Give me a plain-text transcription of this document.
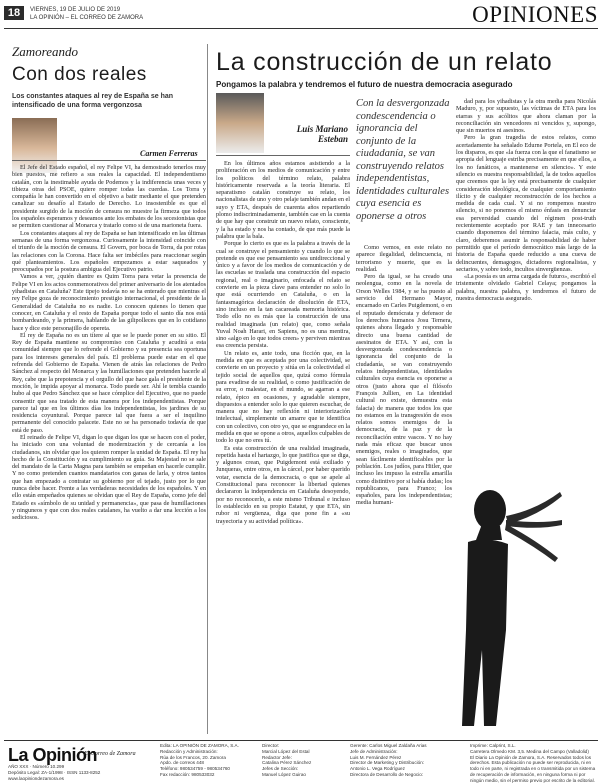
18	VIERNES, 19 DE JULIO DE 2019
LA OPINIÓN – EL CORREO DE ZAMORA	OPINIONES
Zamoreando
Con dos reales
Los constantes ataques al rey de España se han intensificado de una forma vergonzosa
Carmen Ferreras

El Jefe del Estado español, el rey Felipe VI, ha demostrado tenerlos muy bien puestos, me refiero a sus reales la capacidad. El independentismo catalán, con la inestimable ayuda de Podemos y la indiferencia unas veces y tibieza otras del PSOE, quiere romper todas las cuerdas. Los Torra y compañía le han convertido en el objetivo a batir mediante el que pretenden canalizar su desafío al Estado de Derecho. Lo insostenible es que el presidente surgido de la moción de censura no muestre la firmeza que todos los españoles esperamos y deseamos ante los embates de los secesionistas que se permiten cuestionar al Monarca y tratarlo como si de una marioneta fuera.

Los constantes ataques al rey de España se han intensificado en las últimas semanas de una forma vergonzosa. Curiosamente la intensidad coincide con el triunfo de la moción de censura. El Govern, por boca de Torra, da por rotas las relaciones con la Corona. Hace falta ser imbéciles para reaccionar según qué planteamientos. Los españoles empezamos a estar saqueados y preocupados por la postura ambigua del Ejecutivo patrio.

Vamos a ver, ¿quién diantre es Quim Torra para vetar la presencia de Felipe VI en los actos conmemorativos del primer aniversario de los atentados yihadistas en Cataluña? Este tipejo todavía no se ha enterado que mientras el rey Felipe goza de reconocimiento prestigio internacional, el presidente de la Generalidad de Cataluña no es nadie. Lo conocen quienes lo tienen que conocer, en Cataluña y el resto de España porque todo el santo día nos está bombardeando, y la primera, hablando de las gilipolleces que en lo cotidiano hace y dice este personajillo de opereta.

El rey de España no es un títere al que se le puede poner en su sitio. El Rey de España mantiene su compromiso con Cataluña y acudirá a esta comunidad siempre que lo refrende el Gobierno y su presencia sea oportuna para los intereses generales del país. El problema puede estar en el que refrenda del Gobierno de España. Vienen de atrás las relaciones de Pedro Sánchez al respecto del Monarca y las humillaciones que pretenden hacerle al Rey, cabe que la prepotencia y el orgullo del que hace gala el presidente de la moción, le impida apoyar al monarca. Todo puede ser. Ahí le tembla cuando hubo al que Pedro Sánchez que se hace cómplice del Ejecutivo, que no puede consentir que sea tratado de esta manera por los independentistas. Porque parece tal que en los últimos días los independentistas, los jardines de su residencia coyuntural. Porque parece tal que fuera a ser el inquilino permanente del conocido palacete. Este no se ha personado todavía de que está de paso.

El reinado de Felipe VI, digan lo que digan los que se hacen con el poder, ha iniciado con una voluntad de modernización y de cercanía a los ciudadanos, sin olvidar que los quieren romper la unidad de España. El rey ha hecho de la Constitución y su cumplimiento su guía. Su Majestad no se sale del mandato de la Carta Magna para también se empeñan en hacerle cumplir. Y no como pretenden cuantos mandatarios con ganas de larla, y otros tantos que han empezado a contratar su gobierno por el tejado, justo por lo que nunca debe hacer. Frente a las verdaderas necesidades de los españoles. Y en ello están empeñados quienes se olvidan que el Rey de España, como jefe del Estado es «símbolo de su unidad y permanencia», que pasa de humillaciones y ninguneos y que con dos reales catalanes, ha vuelto a dar una lección a los sediciosos.

La construcción de un relato
Pongamos la palabra y tendremos el futuro de nuestra democracia asegurado
Luis Mariano Esteban
Con la desvergonzada condescendencia o ignorancia del conjunto de la ciudadanía, se van construyendo relatos independentistas, identidades culturales cuya esencia es oponerse a otros

En los últimos años estamos asistiendo a la proliferación en los medios de comunicación y entre los políticos del término relato, palabra históricamente reservada a la teoría literaria. El separatismo catalán construye su relato, los nacionalistas de uno y otro pelaje también andan en el suyo y ETA, después de cuarenta años repartiendo plomo indiscriminadamente, también cae en la cuenta de que hay que construir un nuevo relato, consciente, y la ha estado y nos ha contado, de que más puede la palabra que la bala.

Porque lo cierto es que es la palabra a través de la cual se construye el pensamiento y cuando lo que se pretende es que ese pensamiento sea unidireccional y único y a favor de los medios de comunicación y de las escuelas se traslada una construcción del espacio regional, real o imaginario, enfocada el relato se convierte en la pieza clave para entender no solo lo que está ocurriendo en Cataluña, o en la fantasmagórica declaración de disolución de ETA, sino incluso en la tan cacareada memoria histórica. Todo ello no es más que la construcción de una realidad imaginada (un relato) que, como señala Yuval Noah Harari, en Sapiens, no es una mentira, sino «algo en lo que todos creen» y perviven mientras esa creencia persista.

Un relato es, ante todo, una ficción que, en la medida en que es aceptada por una colectividad, se convierte en un proyecto y sitúa en la colectividad el tejido social de aquellos que, quizá como fórmula para evadirse de su realidad, o como justificación de su error, o malestar, en el mundo, se agarran a ese relato, épico en ocasiones, y agradable siempre, dispuestos a entender solo lo que quieren escuchar, de manera que no hay reflexión ni interiorización intelectual, simplemente un amarre que te identifica con un colectivo, con otro yo, que se engrandece en la medida en que se opone a otros, aquellos culpables de todo lo que no eres tú.

Es esta construcción de una realidad imaginada, repetida hasta el hartazgo, lo que justifica que se diga, y algunos crean, que Puigdemont está exiliado y Junqueras, entre otros, en la cárcel, por haber querido votar, esencia de la democracia, o que se apele al Constitucional para reconocer la libertad quienes declararon la independencia en Cataluña desoyendo, por no reconocerlo, a este mismo Tribunal e incluso lo establecido en su propio Estatut, y que ETA, sin rubor ni vergüenza, diga que pone fin a «su trayectoria y su actividad política».

Como vemos, en este relato no aparece ilegalidad, delincuencia, ni terrorismo y muerte, que es la realidad.

Pero da igual, se ha creado una neolengua, como en la novela de Orson Welles 1984, y se ha puesto al servicio del Hermano Mayor, encarnado en Carles Puigdemont, o en el reputado demócrata y defensor de los derechos humanos Josu Ternera, quienes ahora llegado y responsable directo una buena cantidad de asesinatos de ETA. Y así, con la desvergonzada condescendencia o ignorancia del conjunto de la ciudadanía, se van construyendo relatos independentistas, identidades culturales cuya esencia es oponerse a otros (justo ahora que el filósofo François Jullien, en La identidad cultural no existe, demuestra esta falacia) de manera que todos los que no estamos en la transgresión de esos relatos somos enemigos de la democracia, de la paz y de la reconciliación entre vascos. Y no hay nada más eficaz que buscar unos enemigos, reales o imaginados, que sean fácilmente identificables por la población. Los judíos, para Hitler, que incluso les impuso la estrella amarilla como distintivo por si había dudas; los republicanos, para Franco; los españoles, para los independentistas; media humani-

dad para los yihadistas y la otra media para Nicolás Maduro, y, por supuesto, las víctimas de ETA para los etarras y sus acólitos que ahora claman por la reconciliación sin vencedores ni vencidos y, supongo, que sin muertos ni asesinos.

Pero la gran tragedia de estos relatos, como acertadamente ha señalado Edurne Portela, en El eco de los disparos, es que «la fuerza con la que el fanatismo se apropia del lenguaje estriba precisamente en que ellos, a los no fanáticos, a mantenerse en silencio». Y este silencio es nuestra responsabilidad, la de todos aquellos que creemos que la ley está precisamente de cualquier consideración ideológica, de cualquier comportamiento ilícito y de cualquier reconstrucción de los hechos a medida de cada cual. Y si no rompemos nuestro silencio, si no ponemos el mismo énfasis en denunciar esa perversidad cuando del régimen post-truth recientemente aceptado por RAE y tan innecesario cuando disponemos del término falacia, más culto, y claro, deberemos asumir la responsabilidad de haber permitido que el período democrático más largo de la historia de España quede reducido a una cueva de delincuentes, demagogos, dictadores regionalistas, y sectarios, y sobre todo, incultos sinvergüenzas.

«La poesía es un arma cargada de futuro», escribió el tristemente olvidado Gabriel Celaya; pongamos la palabra, nuestra palabra, y tendremos el futuro de nuestra democracia asegurado.

La Opinión
El Correo de Zamora
AÑO XXX · Número 10.299
Depósito Legal: ZA-1/1998 · ISSN 1133-8252
www.laopiniondezamora.es
Edita: LA OPINIÓN DE ZAMORA, S.A.
Redacción y Administración:
Rúa de los Francos, 20. Zamora
Apdo. de correos 448
Teléfono: 980534759 - 980534760
Fax redacción: 980533032
Director:
Marcial López del Estal
Redactor Jefe:
Catalina Pérez Sánchez
Jefes de Sección:
Manuel López Guirao
Gerente: Carlos Miguel Zaldaña Arias
Jefe de Administración:
Luis M. Fernández Pérez
Director de Marketing y Distribución:
Antonio L. Vega Rodríguez
Directora de Desarrollo de Negocio:
Imprime: Calprint, S.L.
Carretera Olmedo KM. 3,5. Medina del Campo (Valladolid)
El Diario La Opinión de Zamora, S.A. Reservados todos los derechos. Esta publicación no puede ser reproducida, ni en todo ni en parte, ni registrada en o transmitida por un sistema de recuperación de información, en ninguna forma ni por ningún medio, sin el permiso previo por escrito de la editorial.
